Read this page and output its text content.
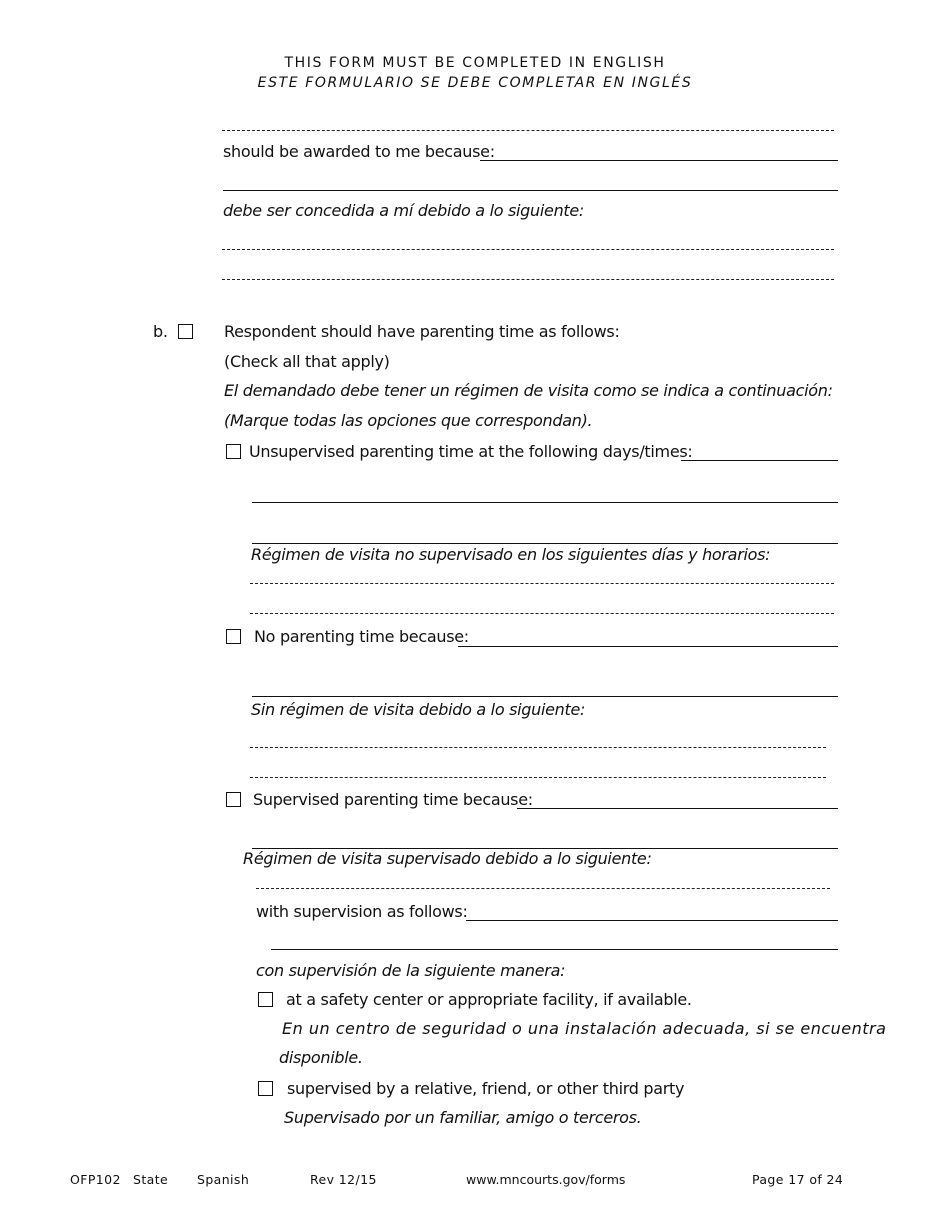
THIS FORM MUST BE COMPLETED IN ENGLISH
ESTE FORMULARIO SE DEBE COMPLETAR EN INGLÉS
should be awarded to me because:
debe ser concedida a mí debido a lo siguiente:
b.	Respondent should have parenting time as follows:
(Check all that apply)
El demandado debe tener un régimen de visita como se indica a continuación:
(Marque todas las opciones que correspondan).
Unsupervised parenting time at the following days/times:
Régimen de visita no supervisado en los siguientes días y horarios:
No parenting time because:
Sin régimen de visita debido a lo siguiente:
Supervised parenting time because:
Régimen de visita supervisado debido a lo siguiente:
with supervision as follows:
con supervisión de la siguiente manera:
at a safety center or appropriate facility, if available.
En un centro de seguridad o una instalación adecuada, si se encuentra
disponible.
supervised by a relative, friend, or other third party
Supervisado por un familiar, amigo o terceros.
OFP102 State Spanish	Rev 12/15	www.mncourts.gov/forms	Page 17 of 24
